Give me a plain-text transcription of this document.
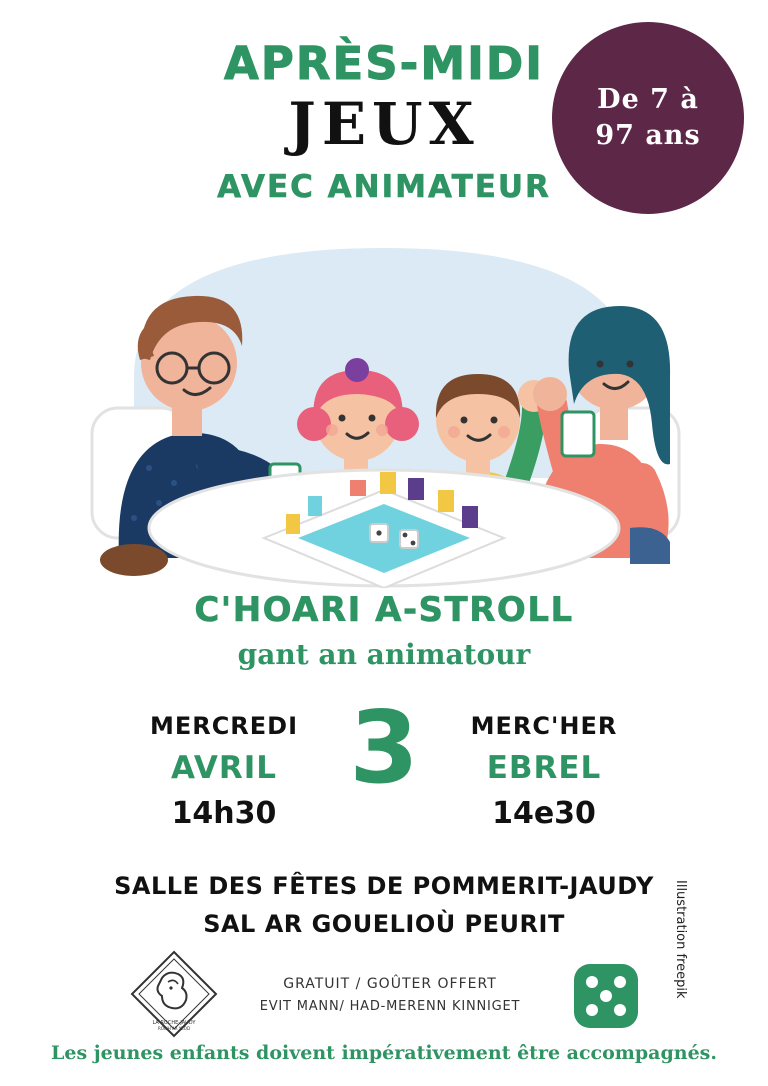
APRÈS-MIDI
JEUX
AVEC ANIMATEUR
De 7 à
97 ans
C'HOARI A-STROLL
gant an animatour
MERCREDI
AVRIL
14h30
3	MERC'HER
EBREL
14e30
SALLE DES FÊTES DE POMMERIT-JAUDY
SAL AR GOUELIOÙ PEURIT
LA ROCHE-JAUDY
ROC'H AR YEOD
GRATUIT / GOÛTER OFFERT
EVIT MANN/ HAD-MERENN KINNIGET
Illustration freepik
Les jeunes enfants doivent impérativement être accompagnés.
